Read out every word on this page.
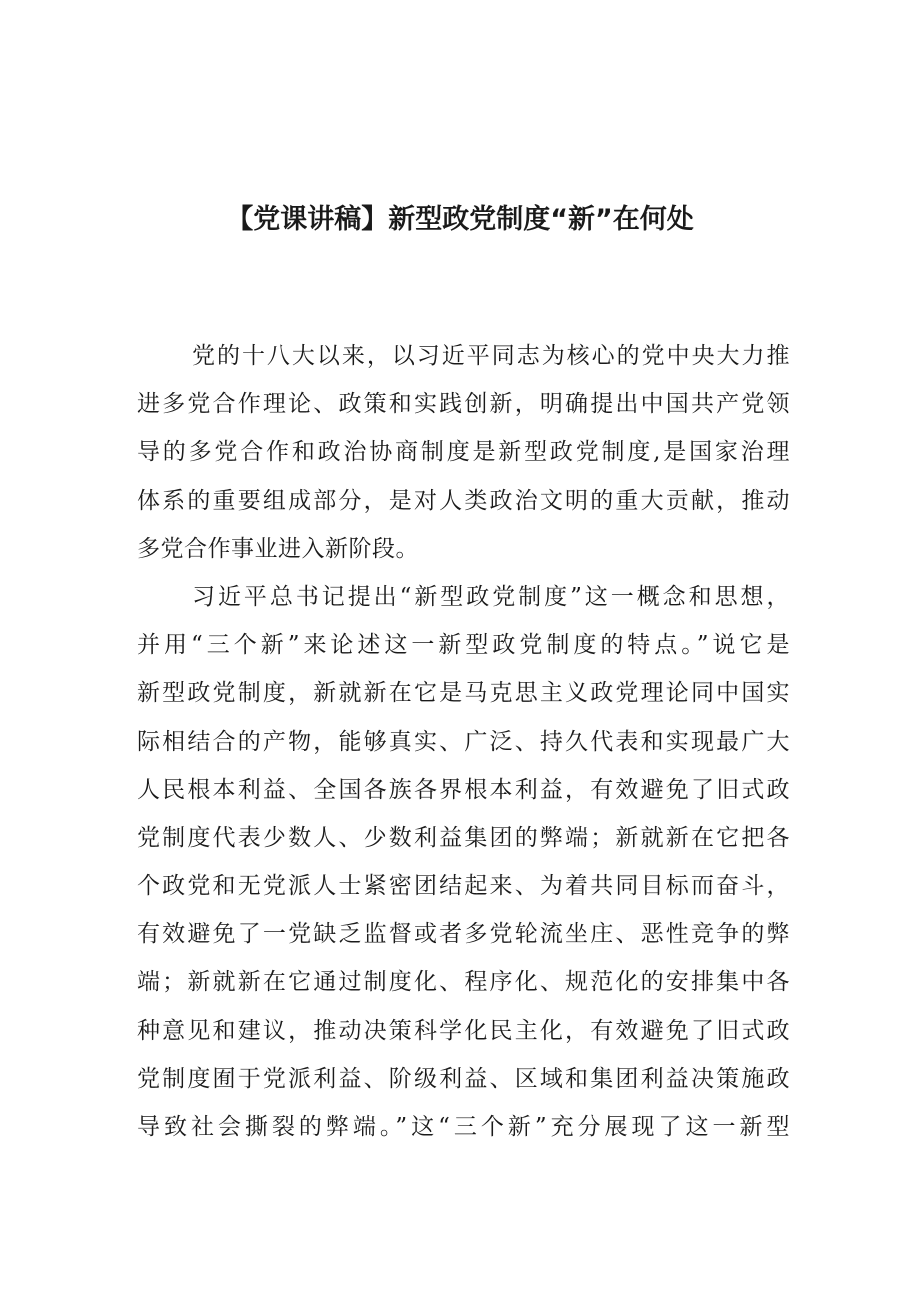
【党课讲稿】新型政党制度“新”在何处
党的十八大以来，以习近平同志为核心的党中央大力推
进多党合作理论、政策和实践创新，明确提出中国共产党领
导的多党合作和政治协商制度是新型政党制度,是国家治理
体系的重要组成部分，是对人类政治文明的重大贡献，推动
多党合作事业进入新阶段。
习近平总书记提出“新型政党制度”这一概念和思想，
并用“三个新”来论述这一新型政党制度的特点。”说它是
新型政党制度，新就新在它是马克思主义政党理论同中国实
际相结合的产物，能够真实、广泛、持久代表和实现最广大
人民根本利益、全国各族各界根本利益，有效避免了旧式政
党制度代表少数人、少数利益集团的弊端；新就新在它把各
个政党和无党派人士紧密团结起来、为着共同目标而奋斗，
有效避免了一党缺乏监督或者多党轮流坐庄、恶性竞争的弊
端；新就新在它通过制度化、程序化、规范化的安排集中各
种意见和建议，推动决策科学化民主化，有效避免了旧式政
党制度囿于党派利益、阶级利益、区域和集团利益决策施政
导致社会撕裂的弊端。”这“三个新”充分展现了这一新型
